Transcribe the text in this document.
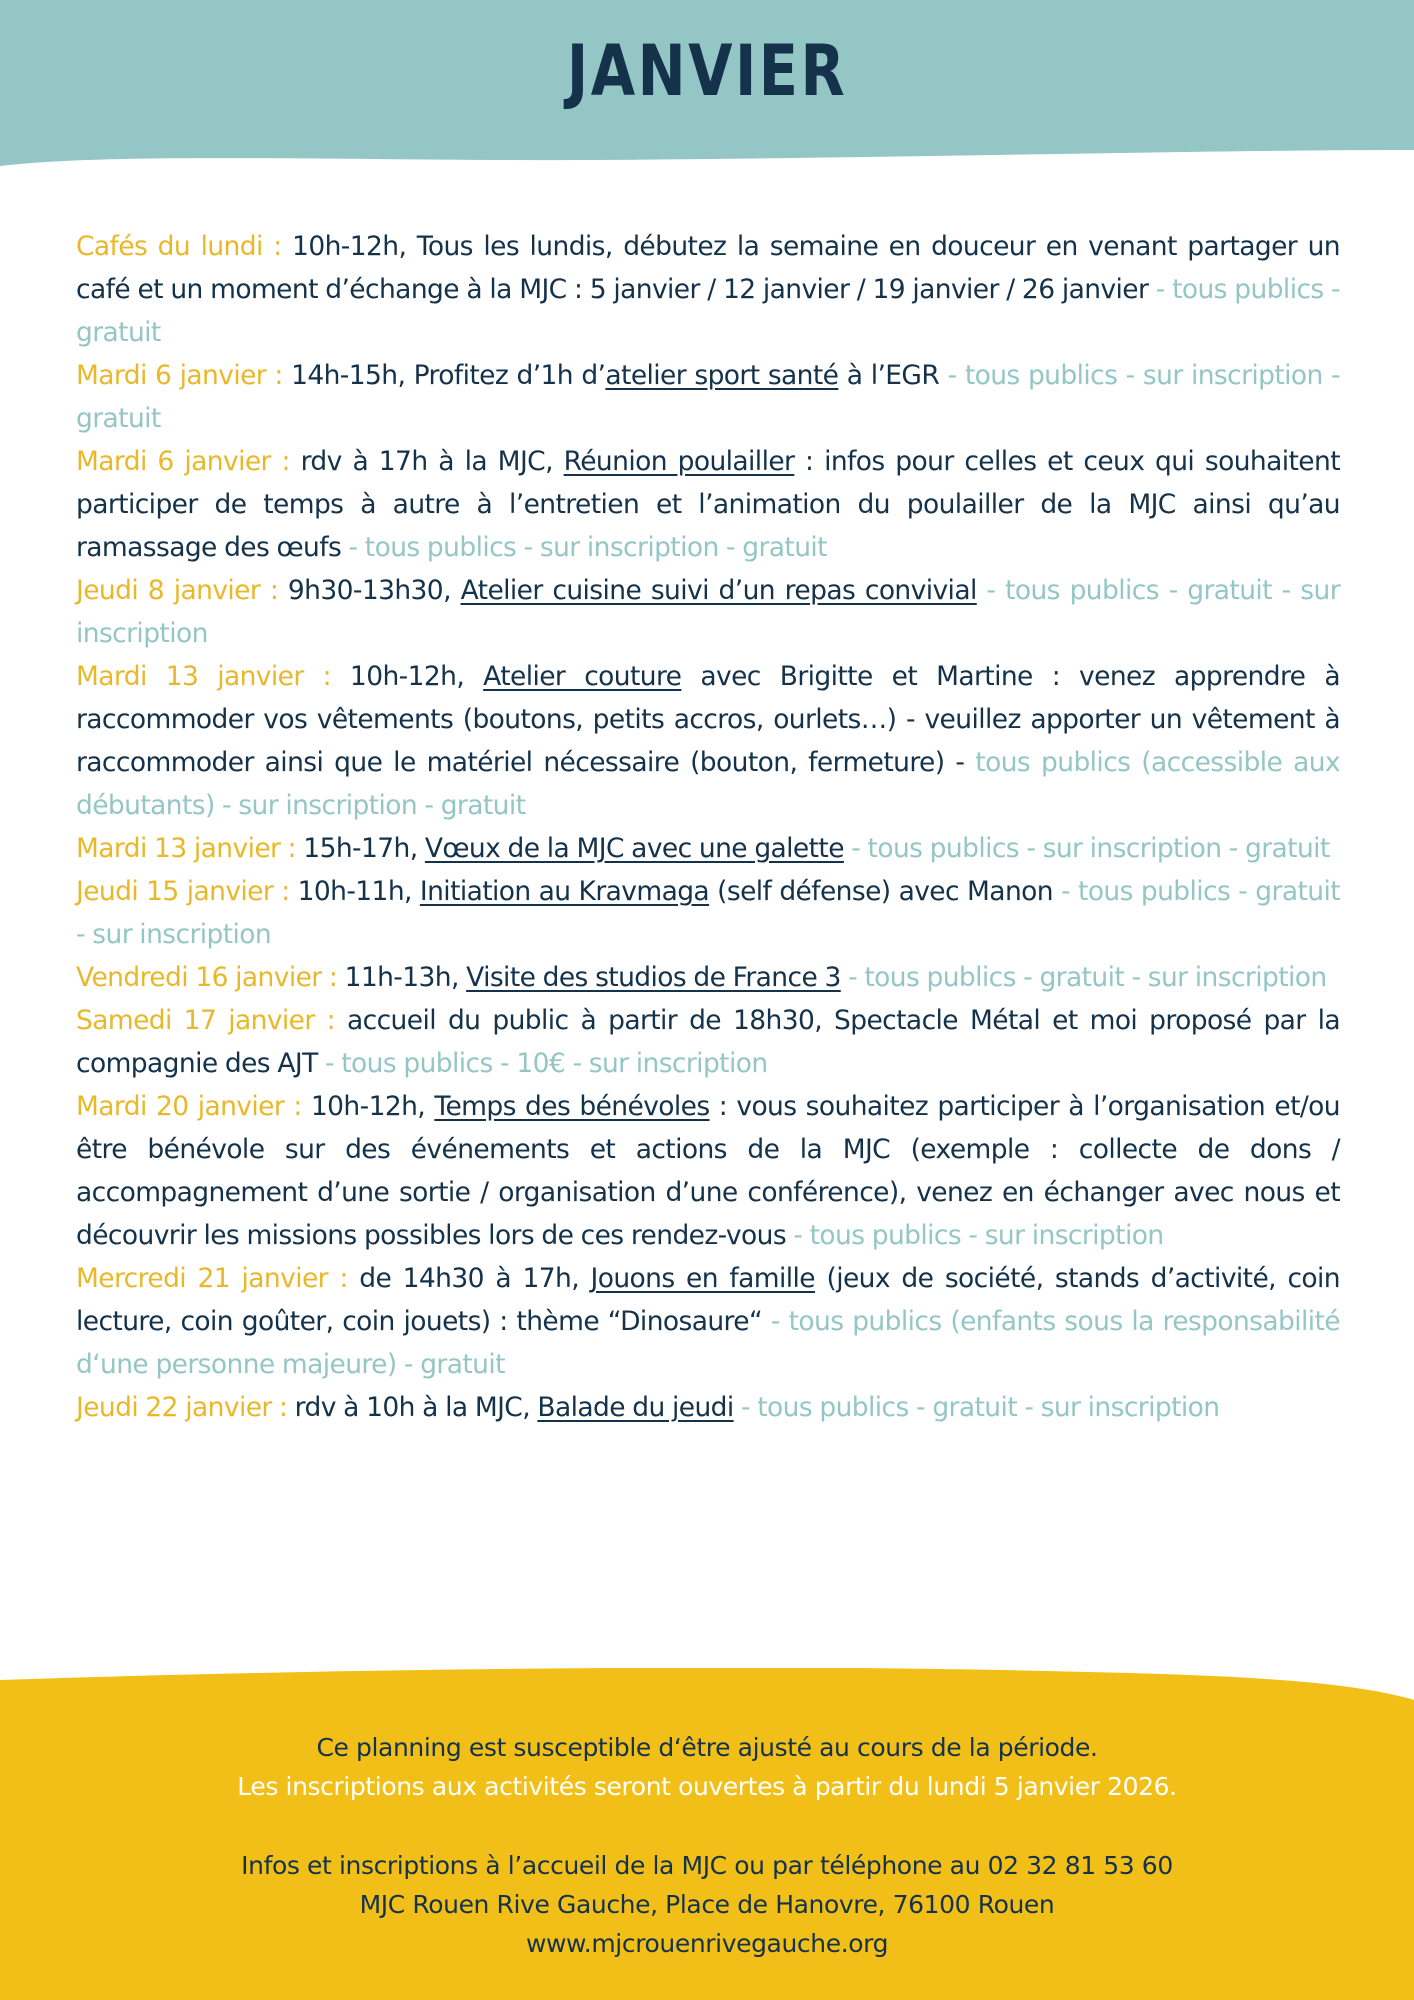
JANVIER

Cafés du lundi : 10h-12h, Tous les lundis, débutez la semaine en douceur en venant partager un café et un moment d’échange à la MJC : 5 janvier / 12 janvier / 19 janvier / 26 janvier - tous publics - gratuit

Mardi 6 janvier : 14h-15h, Profitez d’1h d’atelier sport santé à l’EGR - tous publics - sur inscription - gratuit

Mardi 6 janvier : rdv à 17h à la MJC, Réunion poulailler : infos pour celles et ceux qui souhaitent participer de temps à autre à l’entretien et l’animation du poulailler de la MJC ainsi qu’au ramassage des œufs - tous publics - sur inscription - gratuit

Jeudi 8 janvier : 9h30-13h30, Atelier cuisine suivi d’un repas convivial - tous publics - gratuit - sur inscription

Mardi 13 janvier : 10h-12h, Atelier couture avec Brigitte et Martine : venez apprendre à raccommoder vos vêtements (boutons, petits accros, ourlets…) - veuillez apporter un vêtement à raccommoder ainsi que le matériel nécessaire (bouton, fermeture) - tous publics (accessible aux débutants) - sur inscription - gratuit

Mardi 13 janvier : 15h-17h, Vœux de la MJC avec une galette - tous publics - sur inscription - gratuit

Jeudi 15 janvier : 10h-11h, Initiation au Kravmaga (self défense) avec Manon - tous publics - gratuit - sur inscription

Vendredi 16 janvier : 11h-13h, Visite des studios de France 3 - tous publics - gratuit - sur inscription

Samedi 17 janvier : accueil du public à partir de 18h30, Spectacle Métal et moi proposé par la compagnie des AJT - tous publics - 10€ - sur inscription

Mardi 20 janvier : 10h-12h, Temps des bénévoles : vous souhaitez participer à l’organisation et/ou être bénévole sur des événements et actions de la MJC (exemple : collecte de dons / accompagnement d’une sortie / organisation d’une conférence), venez en échanger avec nous et découvrir les missions possibles lors de ces rendez-vous - tous publics - sur inscription

Mercredi 21 janvier : de 14h30 à 17h, Jouons en famille (jeux de société, stands d’activité, coin lecture, coin goûter, coin jouets) : thème “Dinosaure“ - tous publics (enfants sous la responsabilité d‘une personne majeure) - gratuit

Jeudi 22 janvier : rdv à 10h à la MJC, Balade du jeudi - tous publics - gratuit - sur inscription

Ce planning est susceptible d‘être ajusté au cours de la période.
Les inscriptions aux activités seront ouvertes à partir du lundi 5 janvier 2026.
Infos et inscriptions à l’accueil de la MJC ou par téléphone au 02 32 81 53 60
MJC Rouen Rive Gauche, Place de Hanovre, 76100 Rouen
www.mjcrouenrivegauche.org
